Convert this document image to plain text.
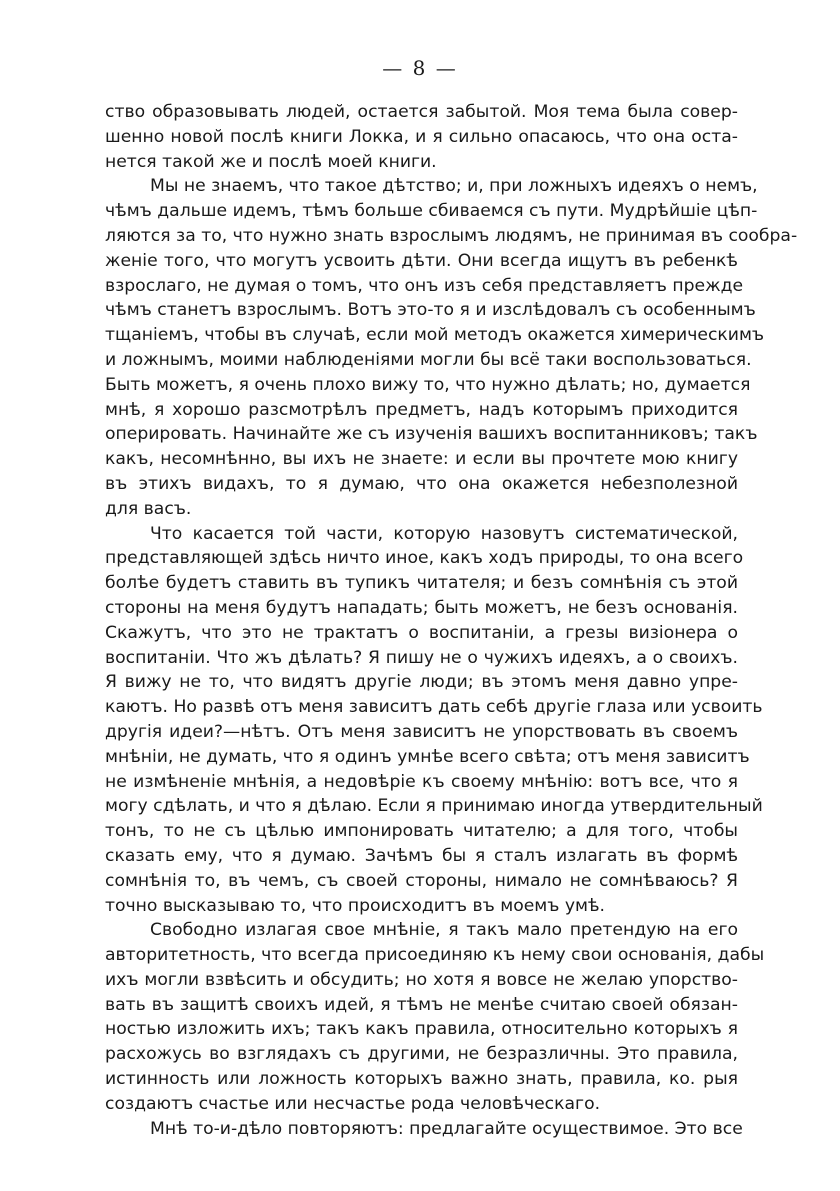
— 8 —
ство образовывать людей, остается забытой. Моя тема была совер-
шенно новой послѣ книги Локка, и я сильно опасаюсь, что она оста-
нется такой же и послѣ моей книги.
Мы не знаемъ, что такое дѣтство; и, при ложныхъ идеяхъ о немъ,
чѣмъ дальше идемъ, тѣмъ больше сбиваемся съ пути. Мудрѣйшiе цѣп-
ляются за то, что нужно знать взрослымъ людямъ, не принимая въ сообра-
женiе того, что могутъ усвоить дѣти. Они всегда ищутъ въ ребенкѣ
взрослаго, не думая о томъ, что онъ изъ себя представляетъ прежде
чѣмъ станетъ взрослымъ. Вотъ это-то я и изслѣдовалъ съ особеннымъ
тщанiемъ, чтобы въ случаѣ, если мой методъ окажется химерическимъ
и ложнымъ, моими наблюденiями могли бы всё таки воспользоваться.
Быть можетъ, я очень плохо вижу то, что нужно дѣлать; но, думается
мнѣ, я хорошо разсмотрѣлъ предметъ, надъ которымъ приходится
оперировать. Начинайте же съ изученiя вашихъ воспитанниковъ; такъ
какъ, несомнѣнно, вы ихъ не знаете: и если вы прочтете мою книгу
въ этихъ видахъ, то я думаю, что она окажется небезполезной
для васъ.
Что касается той части, которую назовутъ систематической,
представляющей здѣсь ничто иное, какъ ходъ природы, то она всего
болѣе будетъ ставить въ тупикъ читателя; и безъ сомнѣнiя съ этой
стороны на меня будутъ нападать; быть можетъ, не безъ основанiя.
Скажутъ, что это не трактатъ о воспитанiи, а грезы визiонера о
воспитанiи. Что жъ дѣлать? Я пишу не о чужихъ идеяхъ, а о своихъ.
Я вижу не то, что видятъ другiе люди; въ этомъ меня давно упре-
каютъ. Но развѣ отъ меня зависитъ дать себѣ другiе глаза или усвоить
другiя идеи?—нѣтъ. Отъ меня зависитъ не упорствовать въ своемъ
мнѣнiи, не думать, что я одинъ умнѣе всего свѣта; отъ меня зависитъ
не измѣненiе мнѣнiя, а недовѣрiе къ своему мнѣнiю: вотъ все, что я
могу сдѣлать, и что я дѣлаю. Если я принимаю иногда утвердительный
тонъ, то не съ цѣлью импонировать читателю; а для того, чтобы
сказать ему, что я думаю. Зачѣмъ бы я сталъ излагать въ формѣ
сомнѣнiя то, въ чемъ, съ своей стороны, нимало не сомнѣваюсь? Я
точно высказываю то, что происходитъ въ моемъ умѣ.
Свободно излагая свое мнѣнiе, я такъ мало претендую на его
авторитетность, что всегда присоединяю къ нему свои основанiя, дабы
ихъ могли взвѣсить и обсудить; но хотя я вовсе не желаю упорство-
вать въ защитѣ своихъ идей, я тѣмъ не менѣе считаю своей обязан-
ностью изложить ихъ; такъ какъ правила, относительно которыхъ я
расхожусь во взглядахъ съ другими, не безразличны. Это правила,
истинность или ложность которыхъ важно знать, правила, ко. рыя
создаютъ счастье или несчастье рода человѣческаго.
Мнѣ то-и-дѣло повторяютъ: предлагайте осуществимое. Это все
